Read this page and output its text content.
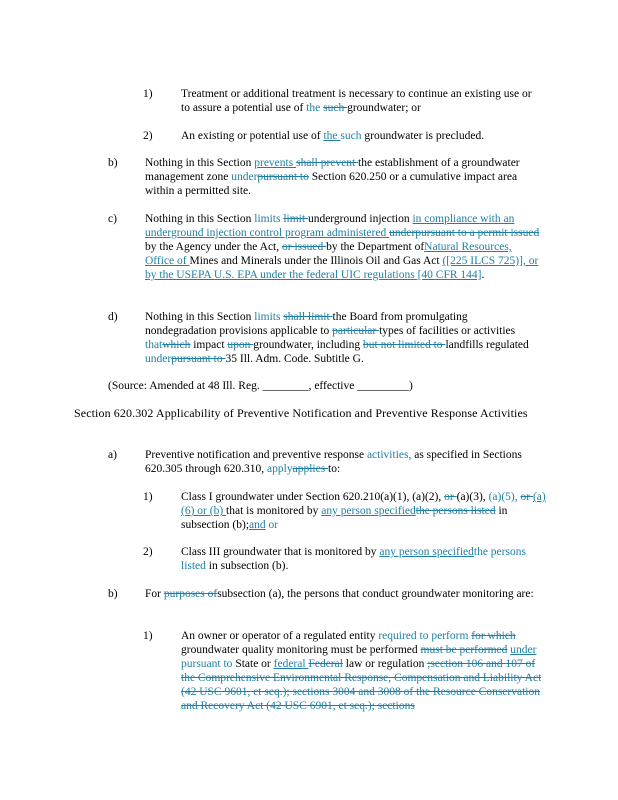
1) Treatment or additional treatment is necessary to continue an existing use or to assure a potential use of the such groundwater; or
2) An existing or potential use of the such groundwater is precluded.
b) Nothing in this Section prevents shall prevent the establishment of a groundwater management zone underpursuant to Section 620.250 or a cumulative impact area within a permitted site.
c) Nothing in this Section limits limit underground injection in compliance with an underground injection control program administered underpursuant to a permit issued by the Agency under the Act, or issued by the Department ofNatural Resources, Office of Mines and Minerals under the Illinois Oil and Gas Act ([225 ILCS 725)], or by the USEPA U.S. EPA under the federal UIC regulations [40 CFR 144].
d) Nothing in this Section limits shall limit the Board from promulgating nondegradation provisions applicable to particular types of facilities or activities thatwhich impact upon groundwater, including but not limited to landfills regulated underpursuant to 35 Ill. Adm. Code. Subtitle G.
(Source: Amended at 48 Ill. Reg. ________, effective _________)
Section 620.302 Applicability of Preventive Notification and Preventive Response Activities
a) Preventive notification and preventive response activities, as specified in Sections 620.305 through 620.310, applyapplies to:
1) Class I groundwater under Section 620.210(a)(1), (a)(2), or (a)(3), (a)(5), or (a)(6) or (b) that is monitored by any person specifiedthe persons listed in subsection (b);and or
2) Class III groundwater that is monitored by any person specifiedthe persons listed in subsection (b).
b) For purposes ofsubsection (a), the persons that conduct groundwater monitoring are:
1) An owner or operator of a regulated entity required to perform for which groundwater quality monitoring must be performed must be performed under pursuant to State or federal Federal law or regulation ;section 106 and 107 of the Comprehensive Environmental Response, Compensation and Liability Act (42 USC 9601, et seq.); sections 3004 and 3008 of the Resource Conservation and Recovery Act (42 USC 6901, et seq.); sections
